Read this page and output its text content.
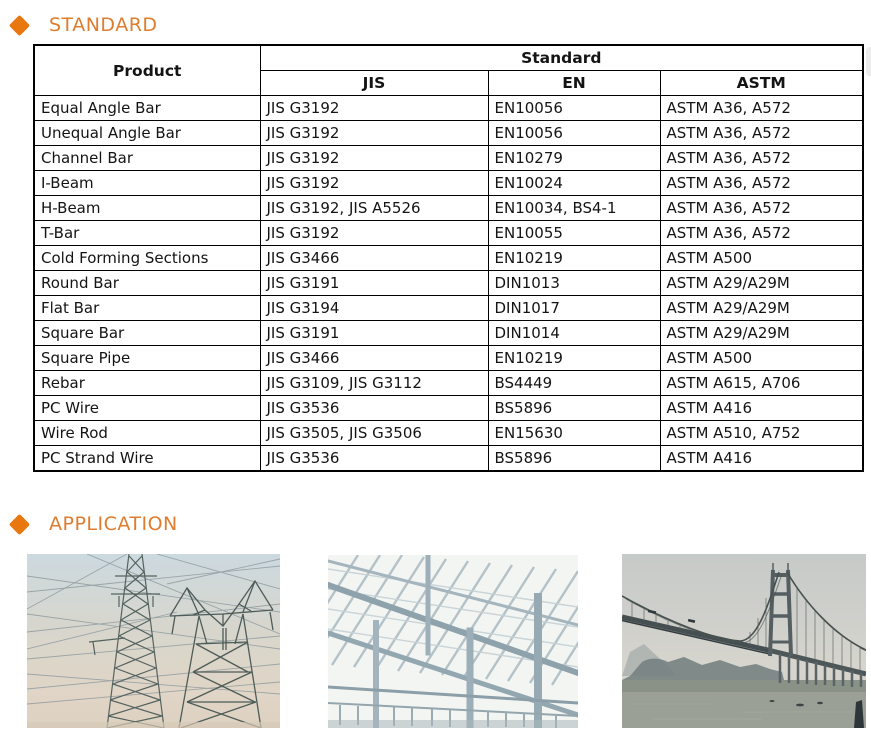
STANDARD
Product	Standard		
	JIS	EN	ASTM
Equal Angle Bar	JIS G3192	EN10056	ASTM A36, A572
Unequal Angle Bar	JIS G3192	EN10056	ASTM A36, A572
Channel Bar	JIS G3192	EN10279	ASTM A36, A572
I-Beam	JIS G3192	EN10024	ASTM A36, A572
H-Beam	JIS G3192, JIS A5526	EN10034, BS4-1	ASTM A36, A572
T-Bar	JIS G3192	EN10055	ASTM A36, A572
Cold Forming Sections	JIS G3466	EN10219	ASTM A500
Round Bar	JIS G3191	DIN1013	ASTM A29/A29M
Flat Bar	JIS G3194	DIN1017	ASTM A29/A29M
Square Bar	JIS G3191	DIN1014	ASTM A29/A29M
Square Pipe	JIS G3466	EN10219	ASTM A500
Rebar	JIS G3109, JIS G3112	BS4449	ASTM A615, A706
PC Wire	JIS G3536	BS5896	ASTM A416
Wire Rod	JIS G3505, JIS G3506	EN15630	ASTM A510, A752
PC Strand Wire	JIS G3536	BS5896	ASTM A416
APPLICATION
